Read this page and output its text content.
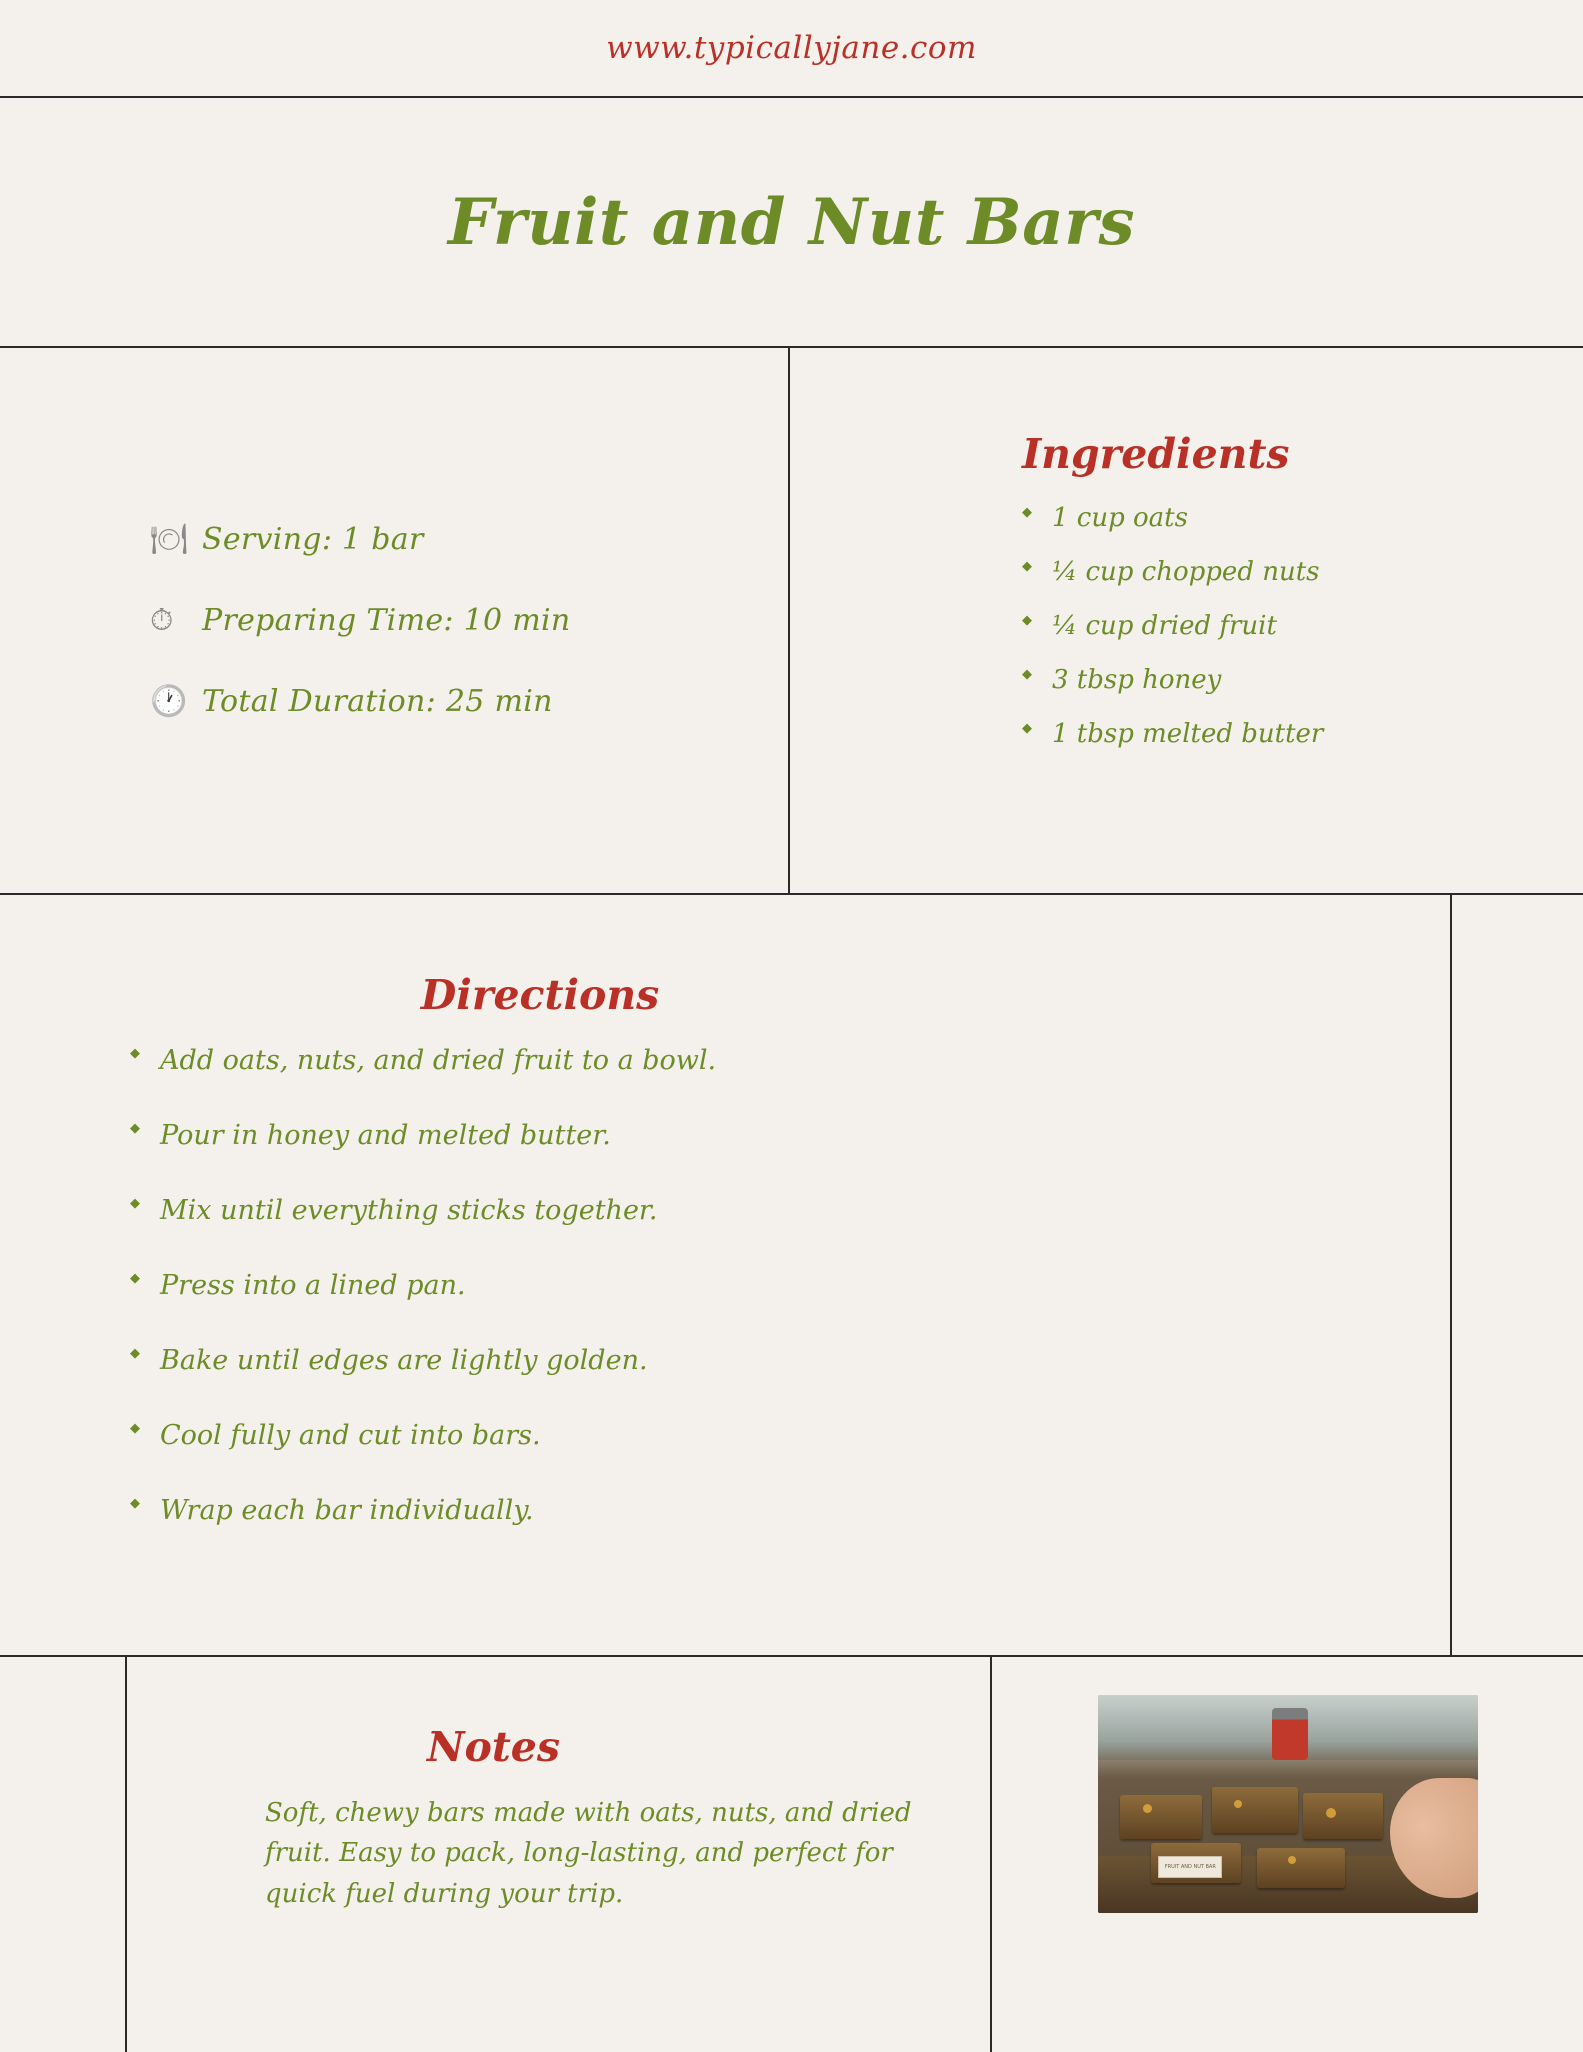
www.typicallyjane.com
Fruit and Nut Bars
🍽 Serving: 1 bar
⏱ Preparing Time: 10 min
🕐 Total Duration: 25 min
Ingredients
◆ 1 cup oats
◆ ¼ cup chopped nuts
◆ ¼ cup dried fruit
◆ 3 tbsp honey
◆ 1 tbsp melted butter
Directions
◆ Add oats, nuts, and dried fruit to a bowl.
◆ Pour in honey and melted butter.
◆ Mix until everything sticks together.
◆ Press into a lined pan.
◆ Bake until edges are lightly golden.
◆ Cool fully and cut into bars.
◆ Wrap each bar individually.
Notes

Soft, chewy bars made with oats, nuts, and dried fruit. Easy to pack, long-lasting, and perfect for quick fuel during your trip.

FRUIT AND NUT BAR
